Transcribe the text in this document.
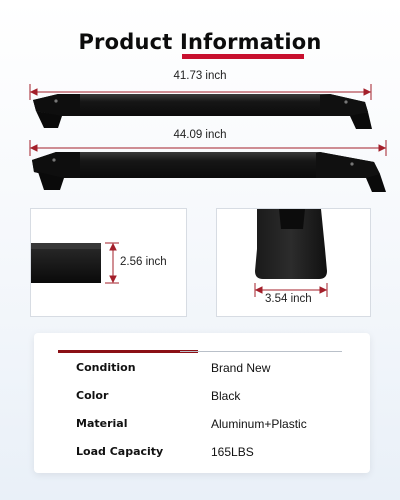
Product Information
41.73 inch
44.09 inch
2.56 inch
3.54 inch
Condition	Brand New
Color	Black
Material	Aluminum+Plastic
Load Capacity	165LBS
